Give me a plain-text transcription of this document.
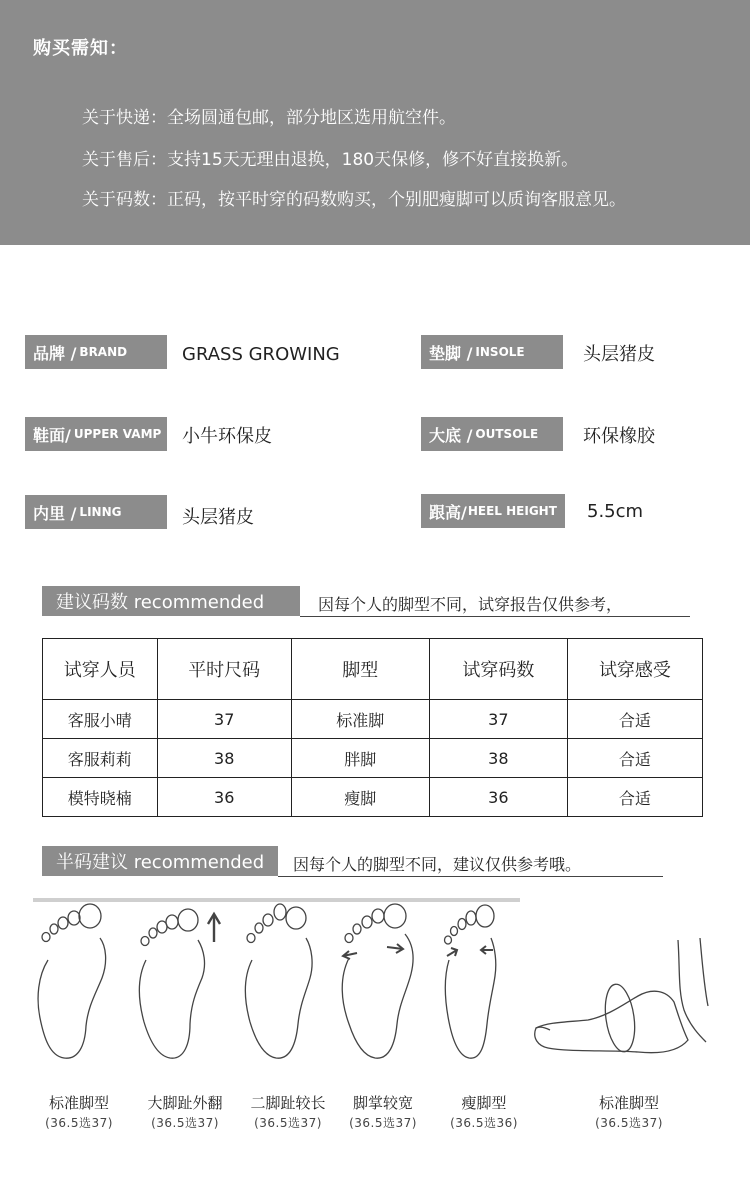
购买需知：
关于快递：全场圆通包邮，部分地区选用航空件。
关于售后：支持15天无理由退换，180天保修，修不好直接换新。
关于码数：正码，按平时穿的码数购买，个别肥瘦脚可以质询客服意见。
品牌 / BRAND	GRASS GROWING	垫脚 / INSOLE	头层猪皮
鞋面/ UPPER VAMP 小牛环保皮	大底 / OUTSOLE 环保橡胶
内里 / LINNG	头层猪皮	跟高/ HEEL HEIGHT 5.5cm
建议码数 recommended	因每个人的脚型不同，试穿报告仅供参考，
试穿人员	平时尺码	脚型	试穿码数	试穿感受
客服小晴	37	标准脚	37	合适
客服莉莉	38	胖脚	38	合适
模特晓楠	36	瘦脚	36	合适
半码建议 recommended	因每个人的脚型不同，建议仅供参考哦。
标准脚型
(36.5选37)
大脚趾外翻
(36.5选37)
二脚趾较长
(36.5选37)
脚掌较宽
(36.5选37)
瘦脚型
(36.5选36)
标准脚型
(36.5选37)
